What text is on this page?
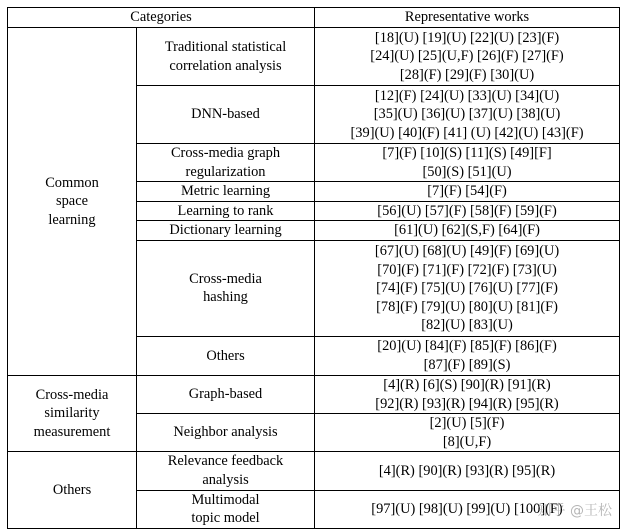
Categories		Representative works

Common
space
learning	Traditional statistical
correlation analysis	[18](U) [19](U) [22](U) [23](F)
[24](U) [25](U,F) [26](F) [27](F)
[28](F) [29](F) [30](U)

	DNN-based	[12](F) [24](U) [33](U) [34](U)
[35](U) [36](U) [37](U) [38](U)
[39](U) [40](F) [41] (U) [42](U) [43](F)

	Cross-media graph
regularization	[7](F) [10](S) [11](S) [49][F]
[50](S) [51](U)

	Metric learning	[7](F) [54](F)

	Learning to rank	[56](U) [57](F) [58](F) [59](F)

	Dictionary learning	[61](U) [62](S,F) [64](F)

	Cross-media
hashing	[67](U) [68](U) [49](F) [69](U)
[70](F) [71](F) [72](F) [73](U)
[74](F) [75](U) [76](U) [77](F)
[78](F) [79](U) [80](U) [81](F)
[82](U) [83](U)

	Others	[20](U) [84](F) [85](F) [86](F)
[87](F) [89](S)

Cross-media
similarity
measurement	Graph-based	[4](R) [6](S) [90](R) [91](R)
[92](R) [93](R) [94](R) [95](R)

	Neighbor analysis	[2](U) [5](F)
[8](U,F)

Others	Relevance feedback
analysis	[4](R) [90](R) [93](R) [95](R)

	Multimodal
topic model	[97](U) [98](U) [99](U) [100](F)
知乎 @王松
